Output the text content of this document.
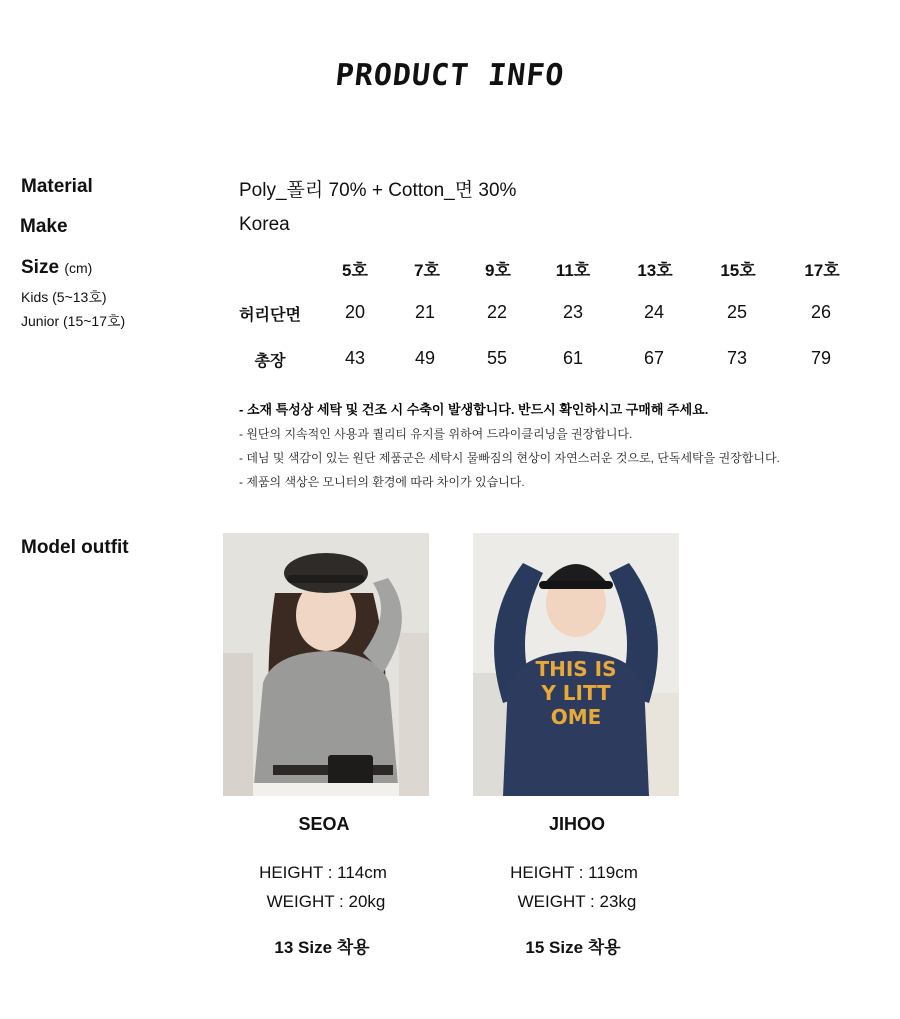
PRODUCT INFO
Material	Poly_폴리 70% + Cotton_면 30%
Make	Korea
Size (cm)
Kids (5~13호)
Junior (15~17호)
5호	7호	9호	11호	13호	15호	17호
허리단면	20	21	22	23	24	25	26
총장	43	49	55	61	67	73	79
- 소재 특성상 세탁 및 건조 시 수축이 발생합니다. 반드시 확인하시고 구매해 주세요.
- 원단의 지속적인 사용과 퀄리티 유지를 위하여 드라이클리닝을 권장합니다.
- 데님 및 색감이 있는 원단 제품군은 세탁시 물빠짐의 현상이 자연스러운 것으로, 단독세탁을 권장합니다.
- 제품의 색상은 모니터의 환경에 따라 차이가 있습니다.
Model outfit
THIS IS
Y LITT
OME
SEOA
HEIGHT : 114cm
WEIGHT : 20kg
13 Size 착용
JIHOO
HEIGHT : 119cm
WEIGHT : 23kg
15 Size 착용
